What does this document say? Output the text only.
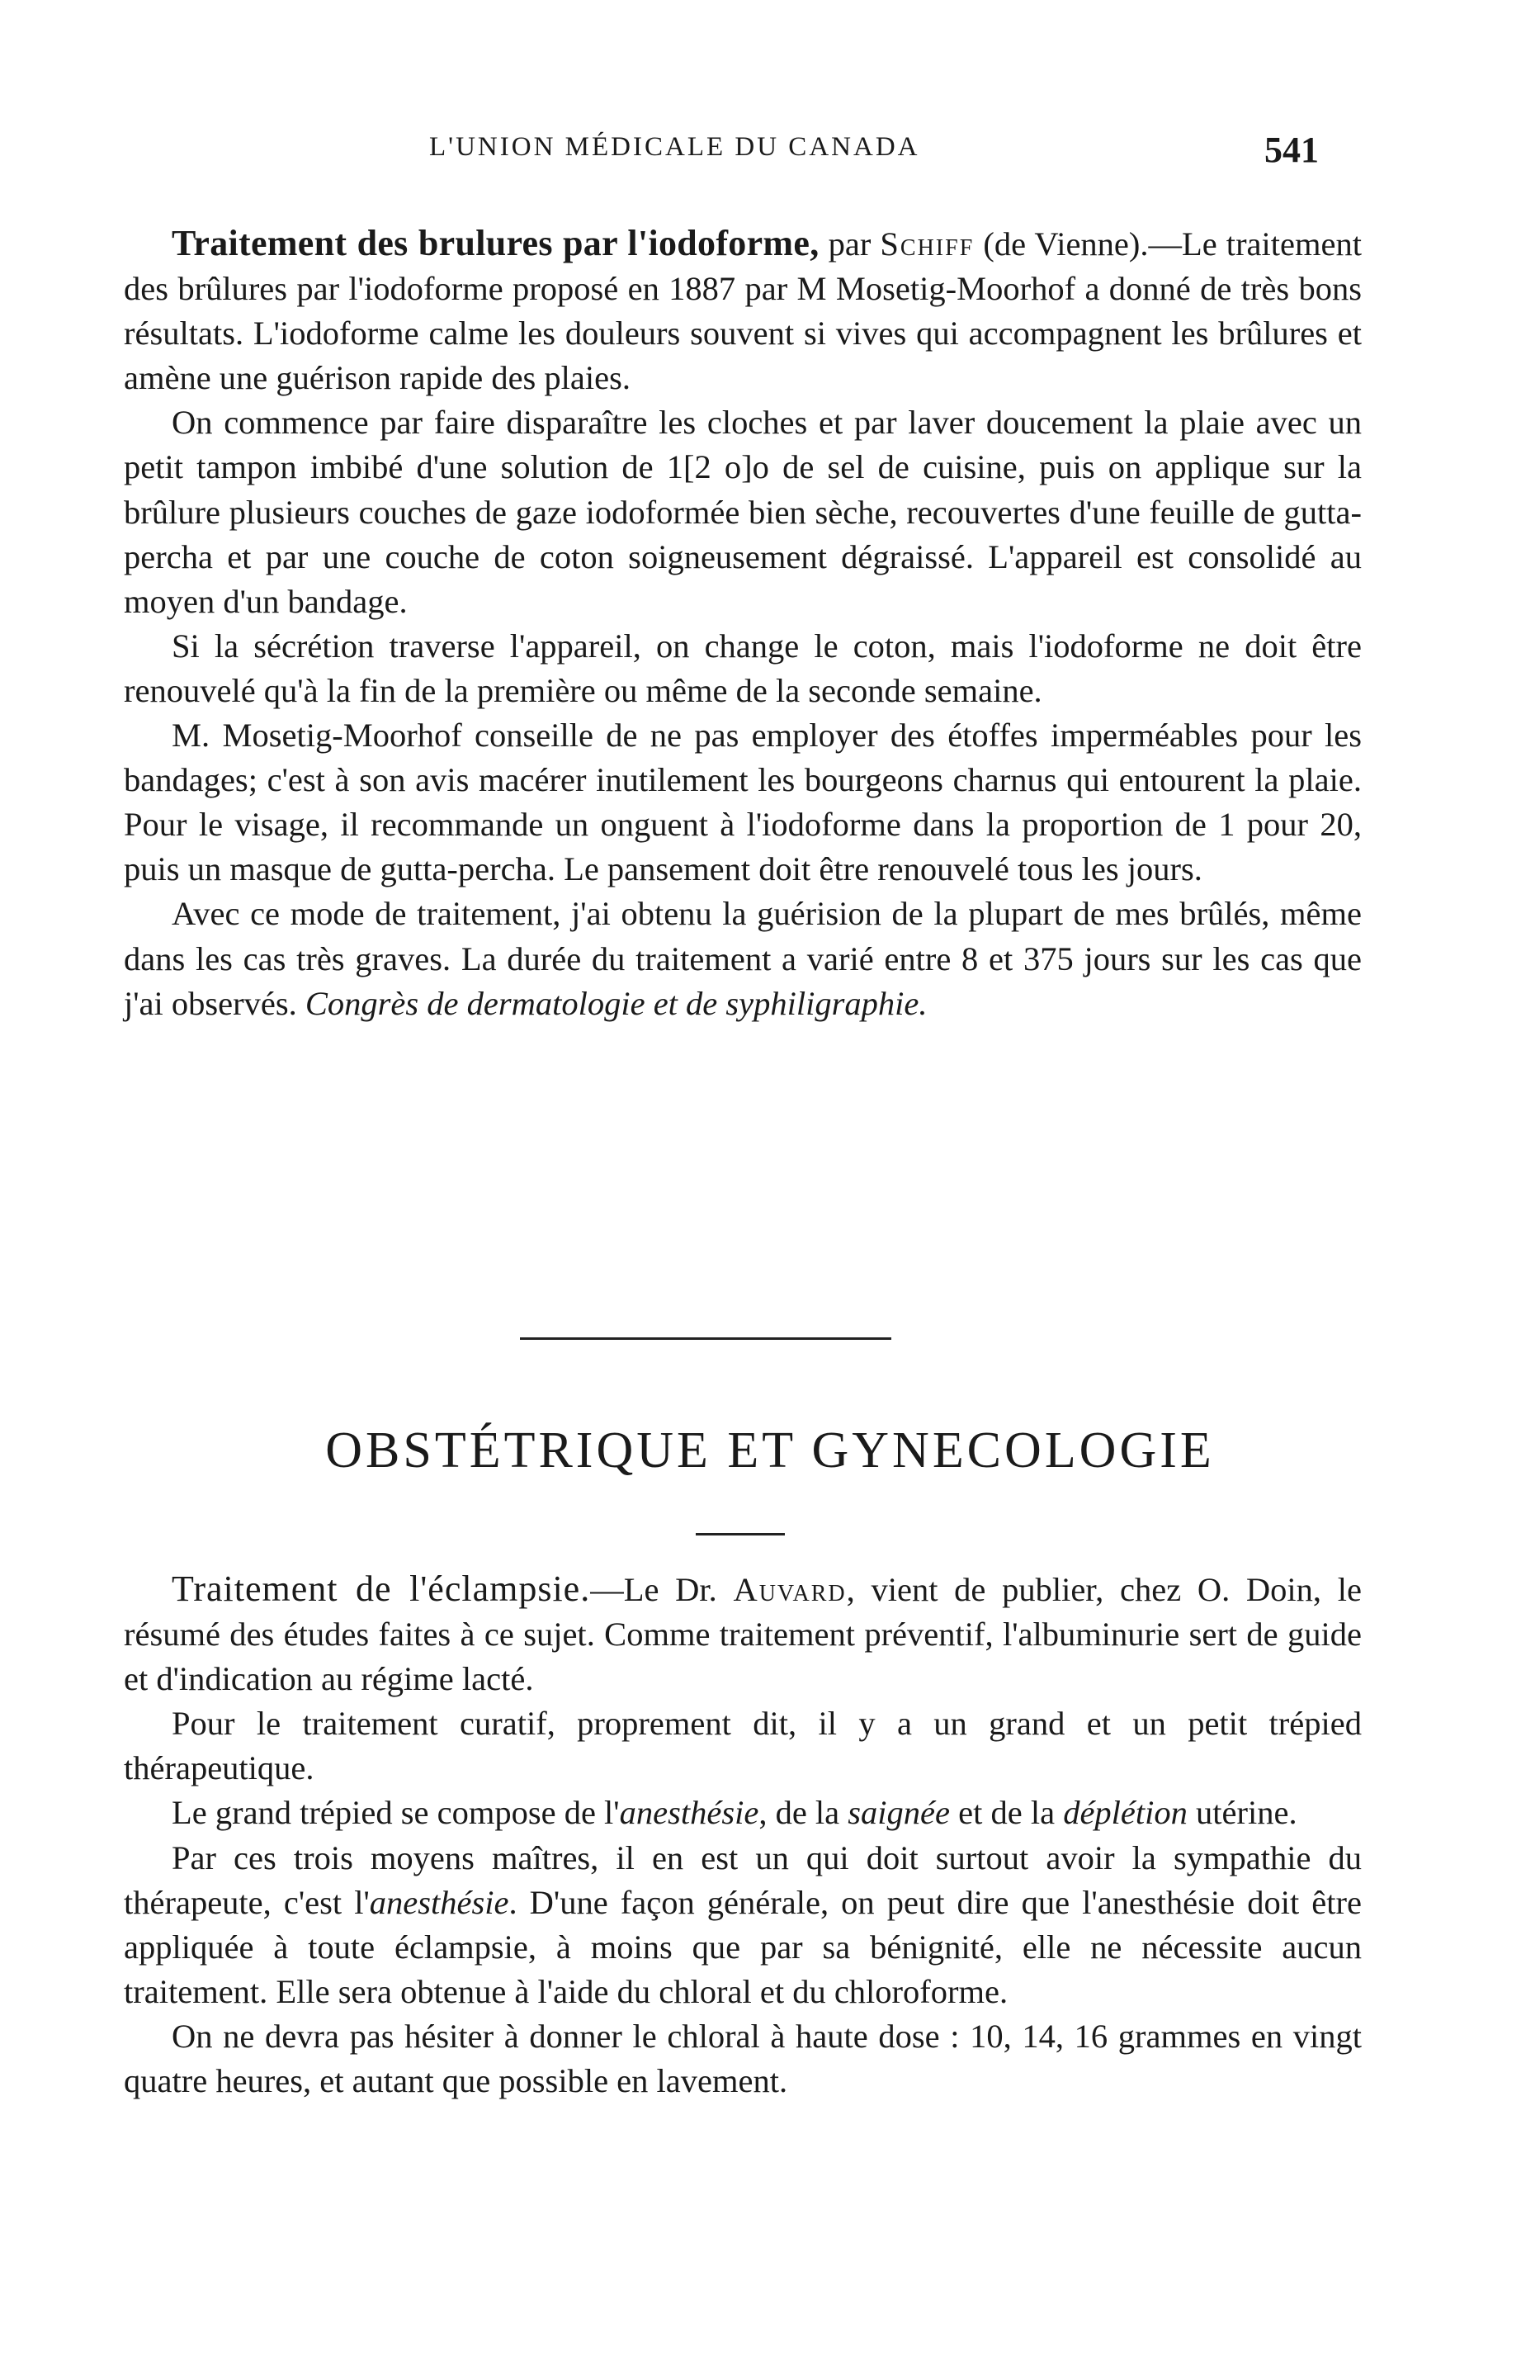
L'UNION MÉDICALE DU CANADA	541

Traitement des brulures par l'iodoforme, par Schiff (de Vienne).—Le traitement des brûlures par l'iodoforme proposé en 1887 par M Mosetig-Moorhof a donné de très bons résultats. L'iodoforme calme les douleurs souvent si vives qui accompagnent les brûlures et amène une guérison rapide des plaies.

On commence par faire disparaître les cloches et par laver doucement la plaie avec un petit tampon imbibé d'une solution de 1[2 o]o de sel de cuisine, puis on applique sur la brûlure plusieurs couches de gaze iodoformée bien sèche, recouvertes d'une feuille de gutta-percha et par une couche de coton soigneusement dégraissé. L'appareil est consolidé au moyen d'un bandage.

Si la sécrétion traverse l'appareil, on change le coton, mais l'iodoforme ne doit être renouvelé qu'à la fin de la première ou même de la seconde semaine.

M. Mosetig-Moorhof conseille de ne pas employer des étoffes imperméables pour les bandages; c'est à son avis macérer inutilement les bourgeons charnus qui entourent la plaie. Pour le visage, il recommande un onguent à l'iodoforme dans la proportion de 1 pour 20, puis un masque de gutta-percha. Le pansement doit être renouvelé tous les jours.

Avec ce mode de traitement, j'ai obtenu la guérision de la plupart de mes brûlés, même dans les cas très graves. La durée du traitement a varié entre 8 et 375 jours sur les cas que j'ai observés. Congrès de dermatologie et de syphiligraphie.

OBSTÉTRIQUE ET GYNECOLOGIE

Traitement de l'éclampsie.—Le Dr. Auvard, vient de publier, chez O. Doin, le résumé des études faites à ce sujet. Comme traitement préventif, l'albuminurie sert de guide et d'indication au régime lacté.

Pour le traitement curatif, proprement dit, il y a un grand et un petit trépied thérapeutique.

Le grand trépied se compose de l'anesthésie, de la saignée et de la déplétion utérine.

Par ces trois moyens maîtres, il en est un qui doit surtout avoir la sympathie du thérapeute, c'est l'anesthésie. D'une façon générale, on peut dire que l'anesthésie doit être appliquée à toute éclampsie, à moins que par sa bénignité, elle ne nécessite aucun traitement. Elle sera obtenue à l'aide du chloral et du chloroforme.

On ne devra pas hésiter à donner le chloral à haute dose : 10, 14, 16 grammes en vingt quatre heures, et autant que possible en lavement.
